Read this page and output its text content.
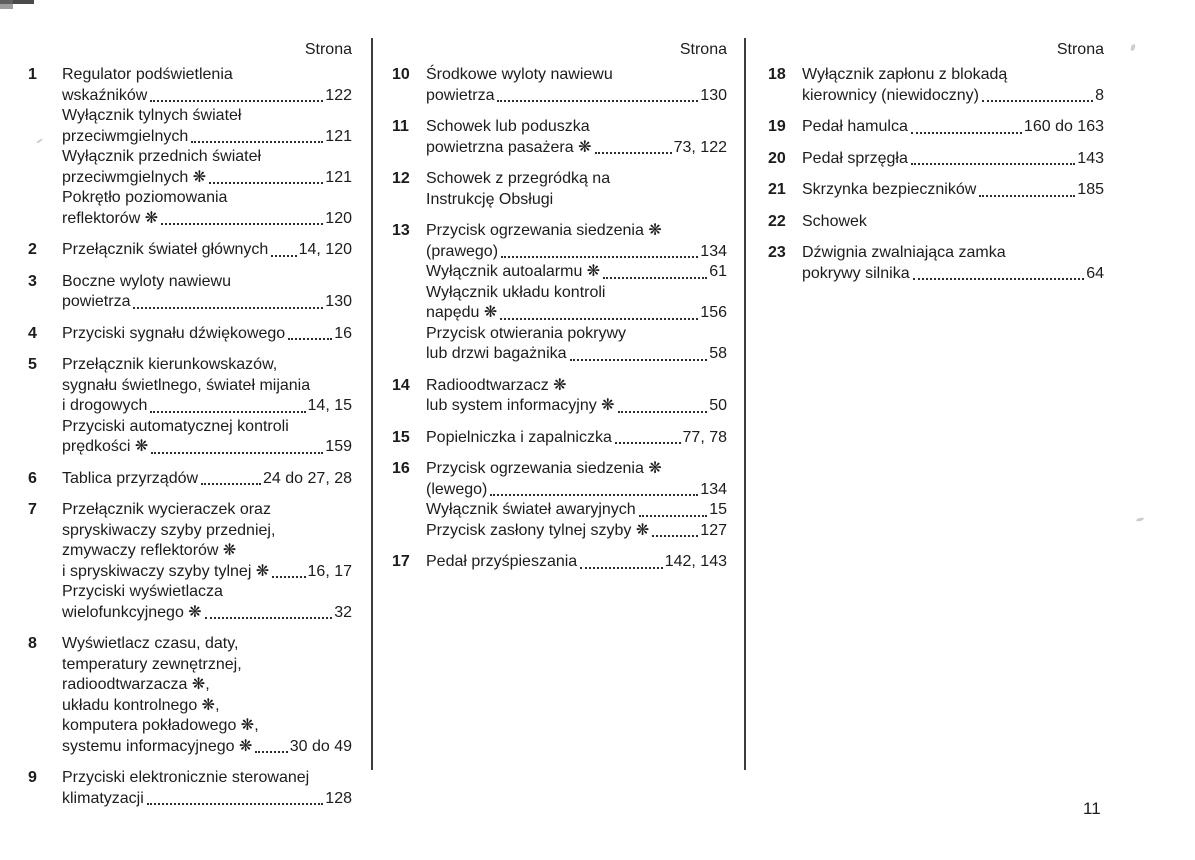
Strona
1	Regulator podświetlenia
wskaźników	122
Wyłącznik tylnych świateł
przeciwmgielnych	121
Wyłącznik przednich świateł
przeciwmgielnych ❋	121
Pokrętło poziomowania
reflektorów ❋	120
2	Przełącznik świateł głównych 14, 120
3	Boczne wyloty nawiewu
powietrza	130
4	Przyciski sygnału dźwiękowego	16
5	Przełącznik kierunkowskazów,
sygnału świetlnego, świateł mijania
i drogowych	14, 15
Przyciski automatycznej kontroli
prędkości ❋	159
6	Tablica przyrządów	24 do 27, 28
7	Przełącznik wycieraczek oraz
spryskiwaczy szyby przedniej,
zmywaczy reflektorów ❋
i spryskiwaczy szyby tylnej ❋ 16, 17
Przyciski wyświetlacza
wielofunkcyjnego ❋	32
8	Wyświetlacz czasu, daty,
temperatury zewnętrznej,
radioodtwarzacza ❋,
układu kontrolnego ❋,
komputera pokładowego ❋,
systemu informacyjnego ❋ 30 do 49
9	Przyciski elektronicznie sterowanej
klimatyzacji	128
Strona
10	Środkowe wyloty nawiewu
powietrza	130
11	Schowek lub poduszka
powietrzna pasażera ❋	73, 122
12	Schowek z przegródką na
Instrukcję Obsługi
13	Przycisk ogrzewania siedzenia ❋
(prawego)	134
Wyłącznik autoalarmu ❋	61
Wyłącznik układu kontroli
napędu ❋	156
Przycisk otwierania pokrywy
lub drzwi bagażnika	58
14	Radioodtwarzacz ❋
lub system informacyjny ❋	50
15	Popielniczka i zapalniczka	77, 78
16	Przycisk ogrzewania siedzenia ❋
(lewego)	134
Wyłącznik świateł awaryjnych	15
Przycisk zasłony tylnej szyby ❋	127
17	Pedał przyśpieszania	142, 143
Strona
18	Wyłącznik zapłonu z blokadą
kierownicy (niewidoczny)	8
19	Pedał hamulca	160 do 163
20	Pedał sprzęgła	143
21	Skrzynka bezpieczników	185
22	Schowek
23	Dźwignia zwalniająca zamka
pokrywy silnika	64
11
